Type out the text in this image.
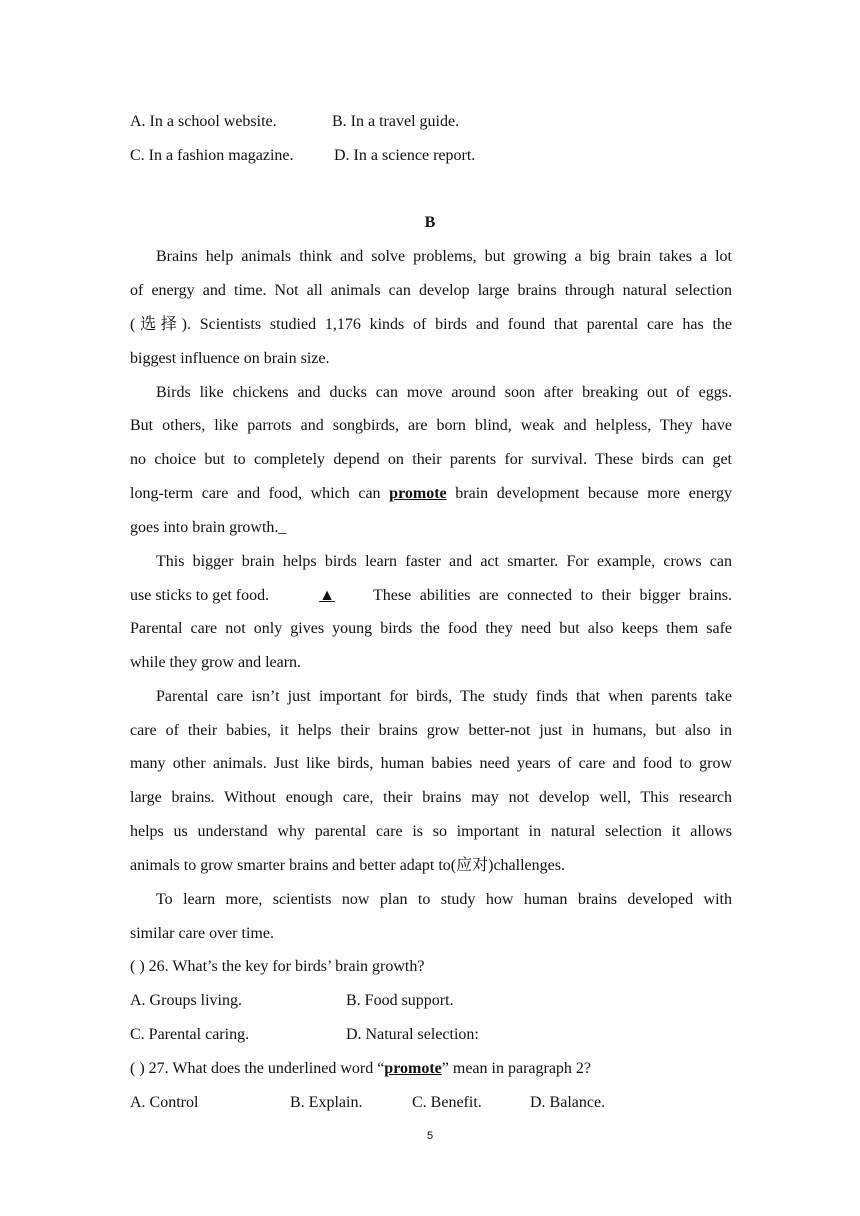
A. In a school website.	B. In a travel guide.
C. In a fashion magazine.	D. In a science report.
B
Brains help animals think and solve problems, but growing a big brain takes a lot
of energy and time. Not all animals can develop large brains through natural selection
(选择). Scientists studied 1,176 kinds of birds and found that parental care has the
biggest influence on brain size.
Birds like chickens and ducks can move around soon after breaking out of eggs.
But others, like parrots and songbirds, are born blind, weak and helpless, They have
no choice but to completely depend on their parents for survival. These birds can get
long-term care and food, which can promote brain development because more energy
goes into brain growth._
This bigger brain helps birds learn faster and act smarter. For example, crows can
use sticks to get food.	▲	These abilities are connected to their bigger brains.
Parental care not only gives young birds the food they need but also keeps them safe
while they grow and learn.
Parental care isn’t just important for birds, The study finds that when parents take
care of their babies, it helps their brains grow better-not just in humans, but also in
many other animals. Just like birds, human babies need years of care and food to grow
large brains. Without enough care, their brains may not develop well, This research
helps us understand why parental care is so important in natural selection it allows
animals to grow smarter brains and better adapt to(应对)challenges.
To learn more, scientists now plan to study how human brains developed with
similar care over time.
( ) 26. What’s the key for birds’ brain growth?
A. Groups living.	B. Food support.
C. Parental caring.	D. Natural selection:
( ) 27. What does the underlined word “promote” mean in paragraph 2?
A. Control	B. Explain.	C. Benefit.	D. Balance.
5
